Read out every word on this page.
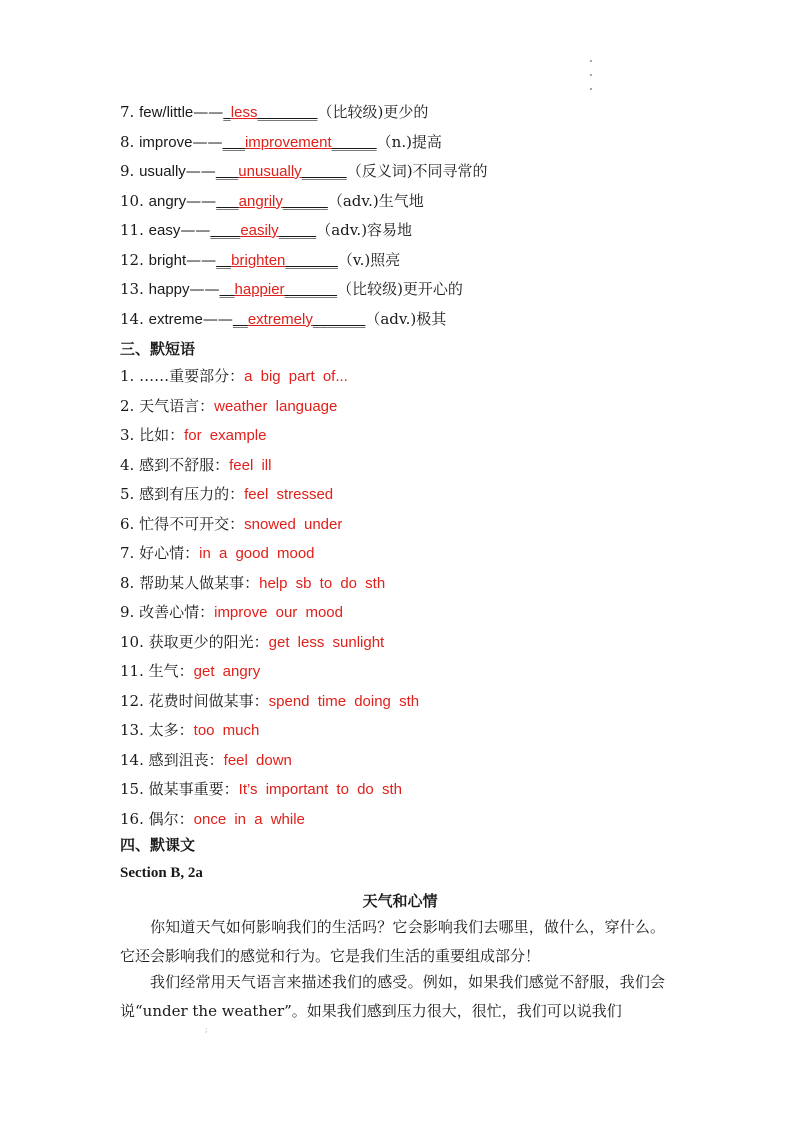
7. few/little——_less________（比较级)更少的
8. improve——___improvement______（n.)提高
9. usually——___unusually______（反义词)不同寻常的
10. angry——___angrily______（adv.)生气地
11. easy——____easily_____（adv.)容易地
12. bright——__brighten_______（v.)照亮
13. happy——__happier_______（比较级)更开心的
14. extreme——__extremely_______（adv.)极其
三、默短语
1. ……重要部分：a big part of...
2. 天气语言：weather language
3. 比如：for example
4. 感到不舒服：feel ill
5. 感到有压力的：feel stressed
6. 忙得不可开交：snowed under
7. 好心情：in a good mood
8. 帮助某人做某事：help sb to do sth
9. 改善心情：improve our mood
10. 获取更少的阳光：get less sunlight
11. 生气：get angry
12. 花费时间做某事：spend time doing sth
13. 太多：too much
14. 感到沮丧：feel down
15. 做某事重要：It’s important to do sth
16. 偶尔：once in a while
四、默课文
Section B, 2a
天气和心情
你知道天气如何影响我们的生活吗？它会影响我们去哪里，做什么，穿什么。它还会影响我们的感觉和行为。它是我们生活的重要组成部分！
我们经常用天气语言来描述我们的感受。例如，如果我们感觉不舒服，我们会说“under the weather”。如果我们感到压力很大，很忙，我们可以说我们
;
